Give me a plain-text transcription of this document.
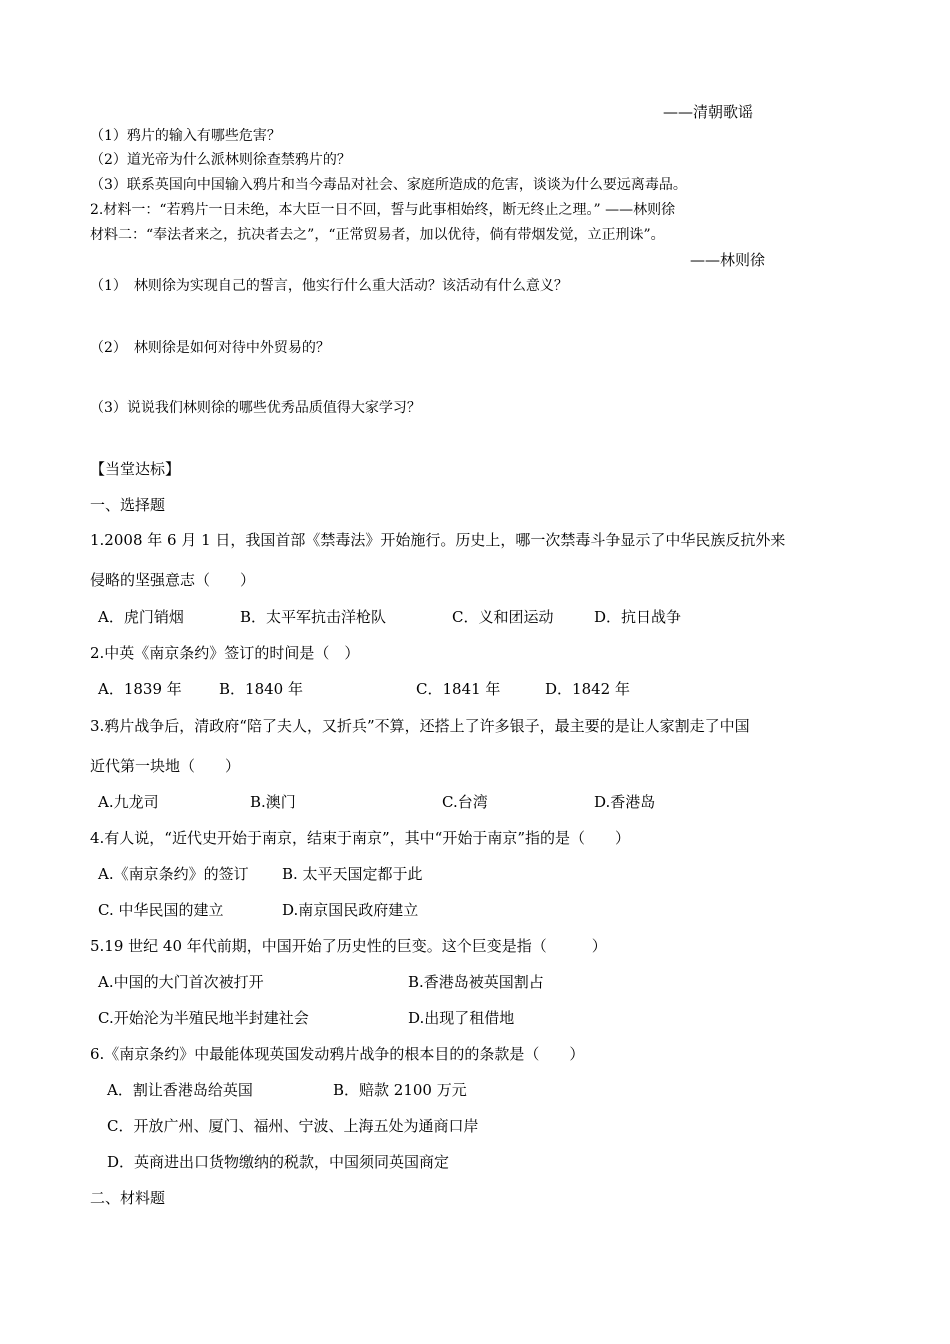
——清朝歌谣
（1）鸦片的输入有哪些危害？
（2）道光帝为什么派林则徐查禁鸦片的？
（3）联系英国向中国输入鸦片和当今毒品对社会、家庭所造成的危害，谈谈为什么要远离毒品。
2.材料一：“若鸦片一日未绝，本大臣一日不回，誓与此事相始终，断无终止之理。” ——林则徐
材料二：“奉法者来之，抗决者去之”，“正常贸易者，加以优待，倘有带烟发觉，立正刑诛”。
——林则徐
（1）　林则徐为实现自己的誓言，他实行什么重大活动？该活动有什么意义？
（2）　林则徐是如何对待中外贸易的？
（3）说说我们林则徐的哪些优秀品质值得大家学习？
【当堂达标】
一、选择题
1.2008 年 6 月 1 日，我国首部《禁毒法》开始施行。历史上，哪一次禁毒斗争显示了中华民族反抗外来
侵略的坚强意志（　　）
A．虎门销烟	B．太平军抗击洋枪队	C．义和团运动	D．抗日战争
2.中英《南京条约》签订的时间是（　）
A．1839 年 B．1840 年	C．1841 年	D．1842 年
3.鸦片战争后，清政府“陪了夫人，又折兵”不算，还搭上了许多银子，最主要的是让人家割走了中国
近代第一块地（　　）
A.九龙司	B.澳门	C.台湾	D.香港岛
4.有人说，“近代史开始于南京，结束于南京”，其中“开始于南京”指的是（　　）
A.《南京条约》的签订 B. 太平天国定都于此
C. 中华民国的建立	D.南京国民政府建立
5.19 世纪 40 年代前期，中国开始了历史性的巨变。这个巨变是指（　　　）
A.中国的大门首次被打开	B.香港岛被英国割占
C.开始沦为半殖民地半封建社会	D.出现了租借地
6.《南京条约》中最能体现英国发动鸦片战争的根本目的的条款是（　　）
A．割让香港岛给英国	B．赔款 2100 万元
C．开放广州、厦门、福州、宁波、上海五处为通商口岸
D．英商进出口货物缴纳的税款，中国须同英国商定
二、材料题
